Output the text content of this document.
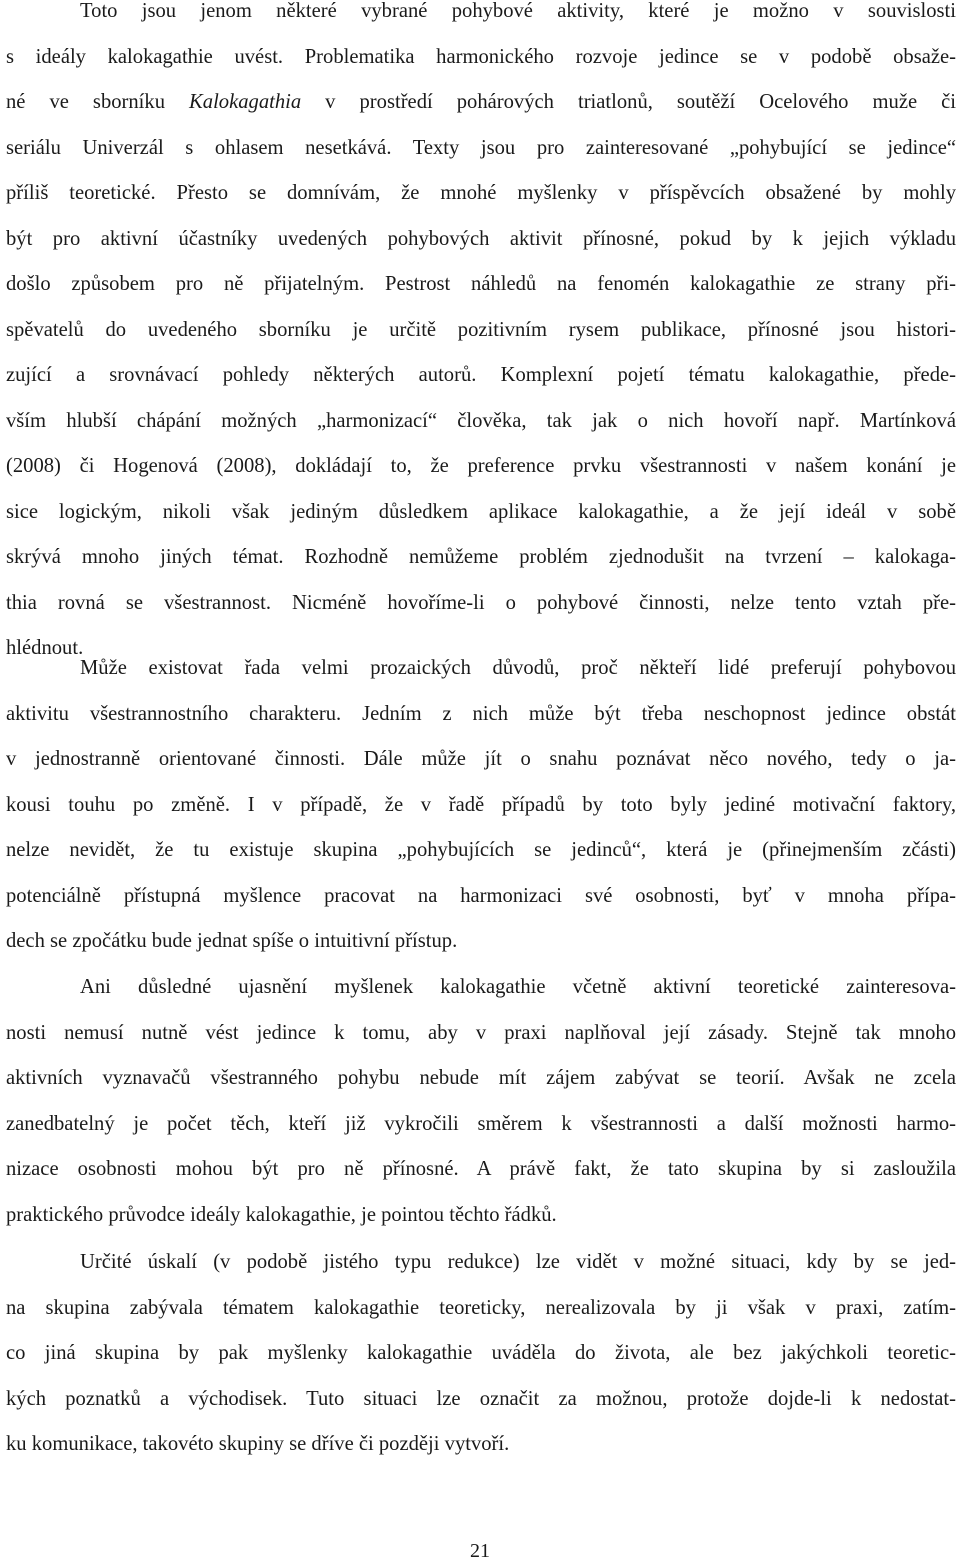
Toto jsou jenom některé vybrané pohybové aktivity, které je možno v souvislosti
s ideály kalokagathie uvést. Problematika harmonického rozvoje jedince se v podobě obsaže-
né ve sborníku Kalokagathia v prostředí pohárových triatlonů, soutěží Ocelového muže či
seriálu Univerzál s ohlasem nesetkává. Texty jsou pro zainteresované „pohybující se jedince“
příliš teoretické. Přesto se domnívám, že mnohé myšlenky v příspěvcích obsažené by mohly
být pro aktivní účastníky uvedených pohybových aktivit přínosné, pokud by k jejich výkladu
došlo způsobem pro ně přijatelným. Pestrost náhledů na fenomén kalokagathie ze strany při-
spěvatelů do uvedeného sborníku je určitě pozitivním rysem publikace, přínosné jsou histori-
zující a srovnávací pohledy některých autorů. Komplexní pojetí tématu kalokagathie, přede-
vším hlubší chápání možných „harmonizací“ člověka, tak jak o nich hovoří např. Martínková
(2008) či Hogenová (2008), dokládají to, že preference prvku všestrannosti v našem konání je
sice logickým, nikoli však jediným důsledkem aplikace kalokagathie, a že její ideál v sobě
skrývá mnoho jiných témat. Rozhodně nemůžeme problém zjednodušit na tvrzení – kalokaga-
thia rovná se všestrannost. Nicméně hovoříme-li o pohybové činnosti, nelze tento vztah pře-
hlédnout.
Může existovat řada velmi prozaických důvodů, proč někteří lidé preferují pohybovou
aktivitu všestrannostního charakteru. Jedním z nich může být třeba neschopnost jedince obstát
v jednostranně orientované činnosti. Dále může jít o snahu poznávat něco nového, tedy o ja-
kousi touhu po změně. I v případě, že v řadě případů by toto byly jediné motivační faktory,
nelze nevidět, že tu existuje skupina „pohybujících se jedinců“, která je (přinejmenším zčásti)
potenciálně přístupná myšlence pracovat na harmonizaci své osobnosti, byť v mnoha přípa-
dech se zpočátku bude jednat spíše o intuitivní přístup.
Ani důsledné ujasnění myšlenek kalokagathie včetně aktivní teoretické zainteresova-
nosti nemusí nutně vést jedince k tomu, aby v praxi naplňoval její zásady. Stejně tak mnoho
aktivních vyznavačů všestranného pohybu nebude mít zájem zabývat se teorií. Avšak ne zcela
zanedbatelný je počet těch, kteří již vykročili směrem k všestrannosti a další možnosti harmo-
nizace osobnosti mohou být pro ně přínosné. A právě fakt, že tato skupina by si zasloužila
praktického průvodce ideály kalokagathie, je pointou těchto řádků.
Určité úskalí (v podobě jistého typu redukce) lze vidět v možné situaci, kdy by se jed-
na skupina zabývala tématem kalokagathie teoreticky, nerealizovala by ji však v praxi, zatím-
co jiná skupina by pak myšlenky kalokagathie uváděla do života, ale bez jakýchkoli teoretic-
kých poznatků a východisek. Tuto situaci lze označit za možnou, protože dojde-li k nedostat-
ku komunikace, takovéto skupiny se dříve či později vytvoří.
21
